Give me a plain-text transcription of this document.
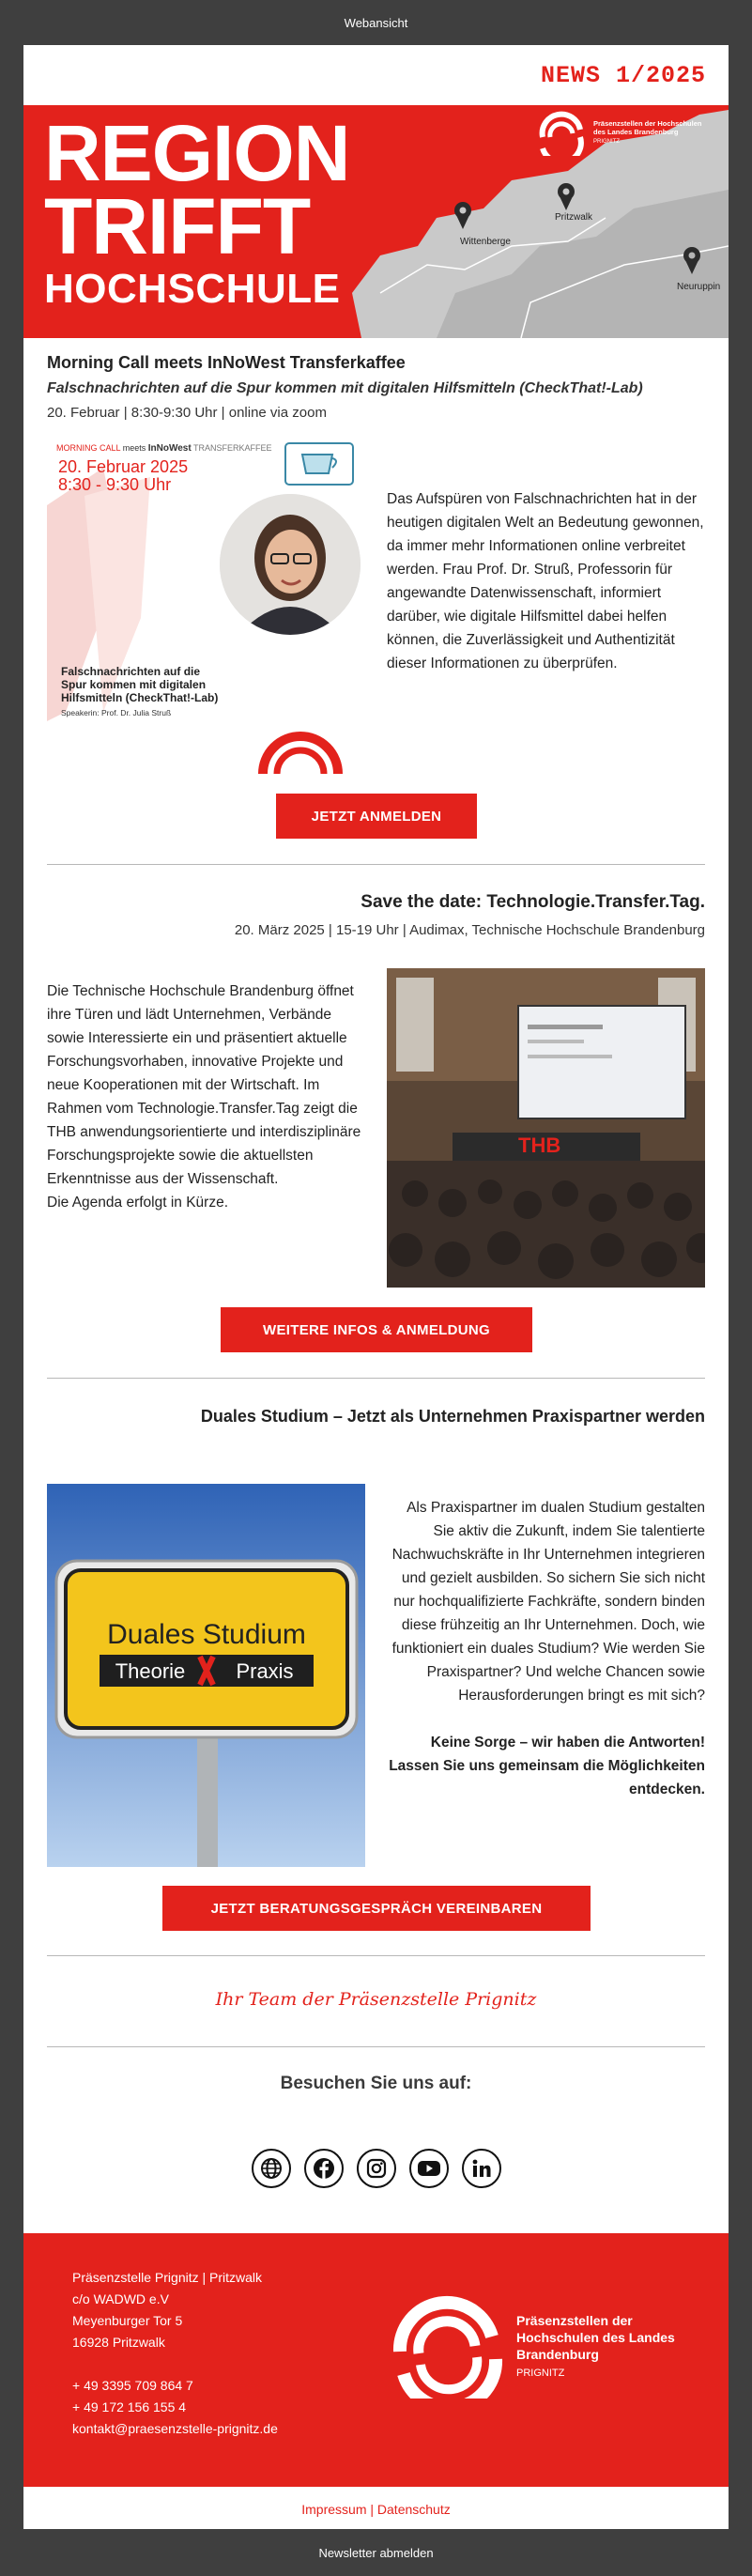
Webansicht
NEWS 1/2025
Wittenberge
Pritzwalk
Neuruppin
REGION
TRIFFT
HOCHSCHULE
Präsenzstellen der Hochschulen des Landes Brandenburg
PRIGNITZ
Morning Call meets InNoWest Transferkaffee
Falschnachrichten auf die Spur kommen mit digitalen Hilfsmitteln (CheckThat!-Lab)
20. Februar | 8:30-9:30 Uhr | online via zoom
MORNING CALL meets InNoWest TRANSFERKAFFEE
20. Februar 2025
8:30 - 9:30 Uhr
Falschnachrichten auf die Spur kommen mit digitalen Hilfsmitteln (CheckThat!-Lab)
Speakerin: Prof. Dr. Julia Struß
Das Aufspüren von Falschnachrichten hat in der heutigen digitalen Welt an Bedeutung gewonnen, da immer mehr Informationen online verbreitet werden. Frau Prof. Dr. Struß, Professorin für angewandte Datenwissenschaft, informiert darüber, wie digitale Hilfsmittel dabei helfen können, die Zuverlässigkeit und Authentizität dieser Informationen zu überprüfen.
JETZT ANMELDEN
Save the date: Technologie.Transfer.Tag.
20. März 2025 | 15-19 Uhr | Audimax, Technische Hochschule Brandenburg
Die Technische Hochschule Brandenburg öffnet ihre Türen und lädt Unternehmen, Verbände sowie Interessierte ein und präsentiert aktuelle Forschungsvorhaben, innovative Projekte und neue Kooperationen mit der Wirtschaft. Im Rahmen vom Technologie.Transfer.Tag zeigt die THB anwendungsorientierte und interdisziplinäre Forschungsprojekte sowie die aktuellsten Erkenntnisse aus der Wissenschaft.
Die Agenda erfolgt in Kürze.
THB
WEITERE INFOS & ANMELDUNG
Duales Studium – Jetzt als Unternehmen Praxispartner werden
Duales Studium
Theorie Praxis
Als Praxispartner im dualen Studium gestalten Sie aktiv die Zukunft, indem Sie talentierte Nachwuchskräfte in Ihr Unternehmen integrieren und gezielt ausbilden. So sichern Sie sich nicht nur hochqualifizierte Fachkräfte, sondern binden diese frühzeitig an Ihr Unternehmen. Doch, wie funktioniert ein duales Studium? Wie werden Sie Praxispartner? Und welche Chancen sowie Herausforderungen bringt es mit sich?
Keine Sorge – wir haben die Antworten! Lassen Sie uns gemeinsam die Möglichkeiten entdecken.
JETZT BERATUNGSGESPRÄCH VEREINBAREN
Ihr Team der Präsenzstelle Prignitz
Besuchen Sie uns auf:
Präsenzstelle Prignitz | Pritzwalk
c/o WADWD e.V
Meyenburger Tor 5
16928 Pritzwalk
+ 49 3395 709 864 7
+ 49 172 156 155 4
kontakt@praesenzstelle-prignitz.de
Präsenzstellen der Hochschulen des Landes Brandenburg
PRIGNITZ
Impressum | Datenschutz
Newsletter abmelden
